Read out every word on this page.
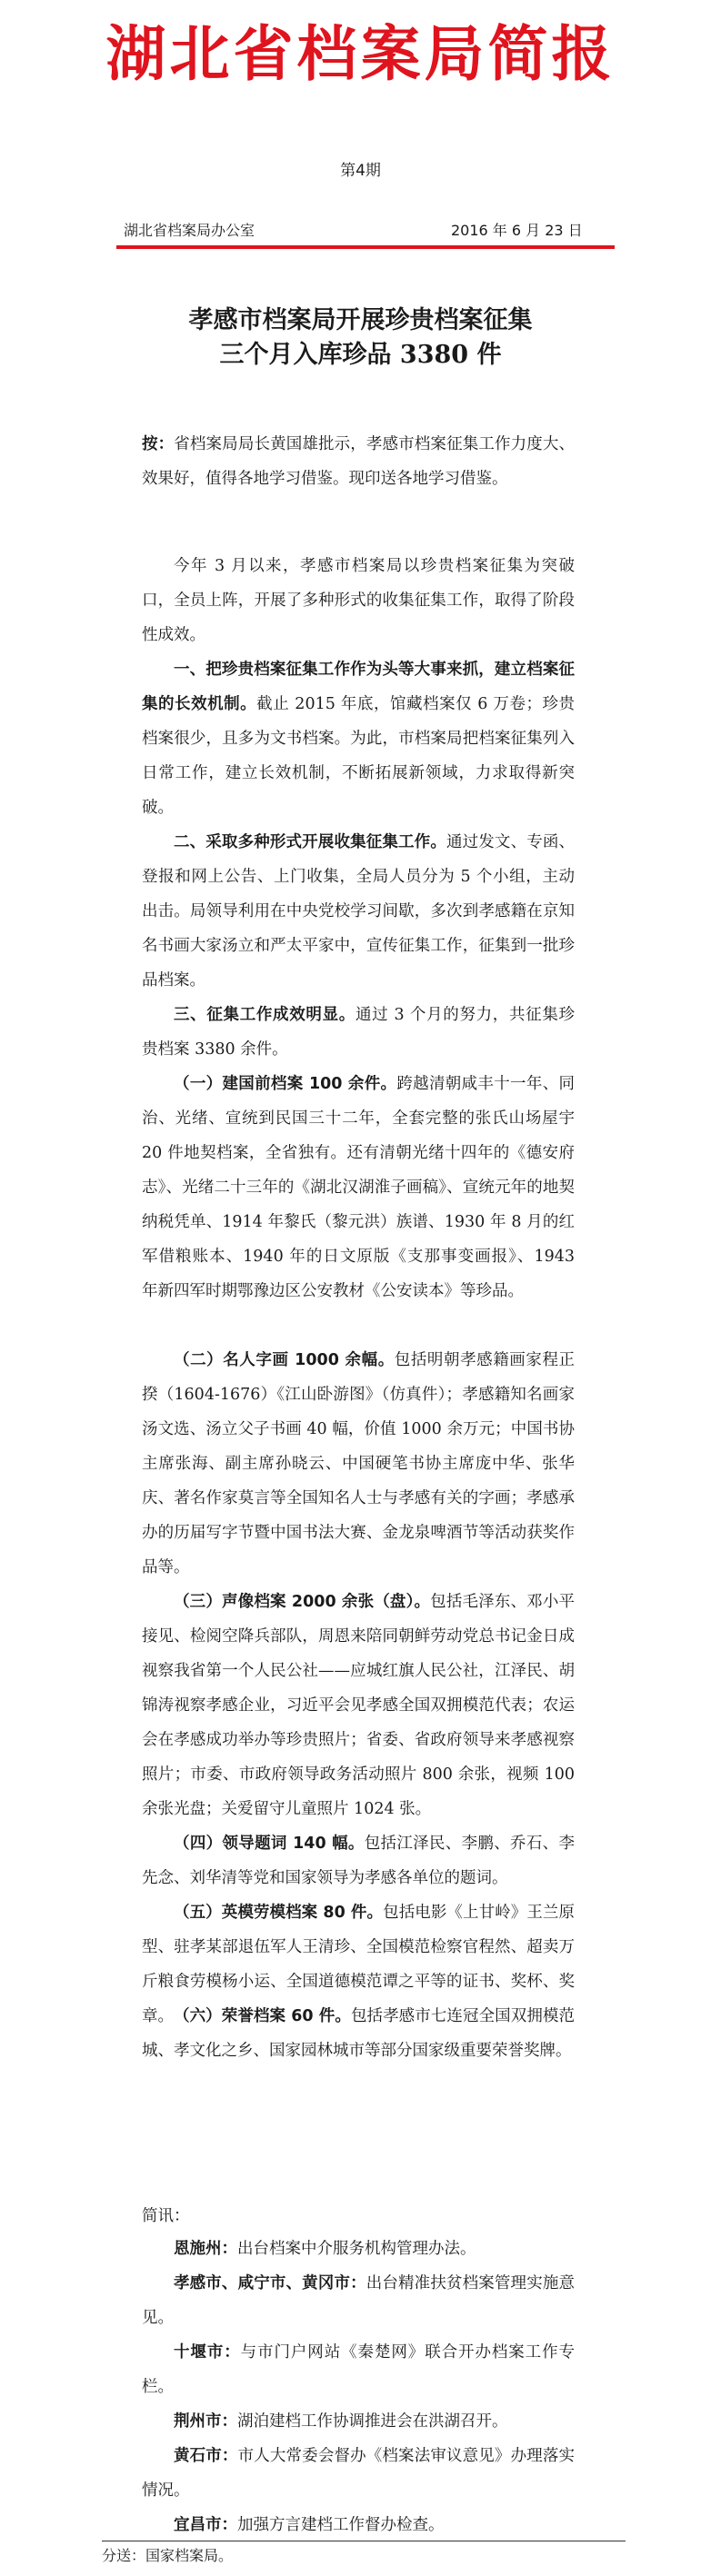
湖北省档案局简报
第4期
湖北省档案局办公室	2016 年 6 月 23 日
孝感市档案局开展珍贵档案征集
三个月入库珍品 3380 件

按：省档案局局长黄国雄批示，孝感市档案征集工作力度大、效果好，值得各地学习借鉴。现印送各地学习借鉴。

今年 3 月以来，孝感市档案局以珍贵档案征集为突破口，全员上阵，开展了多种形式的收集征集工作，取得了阶段性成效。

一、把珍贵档案征集工作作为头等大事来抓，建立档案征集的长效机制。截止 2015 年底，馆藏档案仅 6 万卷；珍贵档案很少，且多为文书档案。为此，市档案局把档案征集列入日常工作，建立长效机制，不断拓展新领域，力求取得新突破。

二、采取多种形式开展收集征集工作。通过发文、专函、登报和网上公告、上门收集，全局人员分为 5 个小组，主动出击。局领导利用在中央党校学习间歇，多次到孝感籍在京知名书画大家汤立和严太平家中，宣传征集工作，征集到一批珍品档案。

三、征集工作成效明显。通过 3 个月的努力，共征集珍贵档案 3380 余件。

（一）建国前档案 100 余件。跨越清朝咸丰十一年、同治、光绪、宣统到民国三十二年，全套完整的张氏山场屋宇 20 件地契档案，全省独有。还有清朝光绪十四年的《德安府志》、光绪二十三年的《湖北汉湖淮子画稿》、宣统元年的地契纳税凭单、1914 年黎氏（黎元洪）族谱、1930 年 8 月的红军借粮账本、1940 年的日文原版《支那事变画报》、1943 年新四军时期鄂豫边区公安教材《公安读本》等珍品。

（二）名人字画 1000 余幅。包括明朝孝感籍画家程正揆（1604-1676）《江山卧游图》（仿真件）；孝感籍知名画家汤文选、汤立父子书画 40 幅，价值 1000 余万元；中国书协主席张海、副主席孙晓云、中国硬笔书协主席庞中华、张华庆、著名作家莫言等全国知名人士与孝感有关的字画；孝感承办的历届写字节暨中国书法大赛、金龙泉啤酒节等活动获奖作品等。

（三）声像档案 2000 余张（盘）。包括毛泽东、邓小平接见、检阅空降兵部队，周恩来陪同朝鲜劳动党总书记金日成视察我省第一个人民公社——应城红旗人民公社，江泽民、胡锦涛视察孝感企业，习近平会见孝感全国双拥模范代表；农运会在孝感成功举办等珍贵照片；省委、省政府领导来孝感视察照片；市委、市政府领导政务活动照片 800 余张，视频 100 余张光盘；关爱留守儿童照片 1024 张。

（四）领导题词 140 幅。包括江泽民、李鹏、乔石、李先念、刘华清等党和国家领导为孝感各单位的题词。

（五）英模劳模档案 80 件。包括电影《上甘岭》王兰原型、驻孝某部退伍军人王清珍、全国模范检察官程然、超卖万斤粮食劳模杨小运、全国道德模范谭之平等的证书、奖杯、奖章。 （六）荣誉档案 60 件。包括孝感市七连冠全国双拥模范城、孝文化之乡、国家园林城市等部分国家级重要荣誉奖牌。

简讯：

恩施州：出台档案中介服务机构管理办法。

孝感市、咸宁市、黄冈市：出台精准扶贫档案管理实施意见。

十堰市：与市门户网站《秦楚网》联合开办档案工作专栏。

荆州市：湖泊建档工作协调推进会在洪湖召开。

黄石市：市人大常委会督办《档案法审议意见》办理落实情况。

宜昌市：加强方言建档工作督办检查。

分送：国家档案局。
